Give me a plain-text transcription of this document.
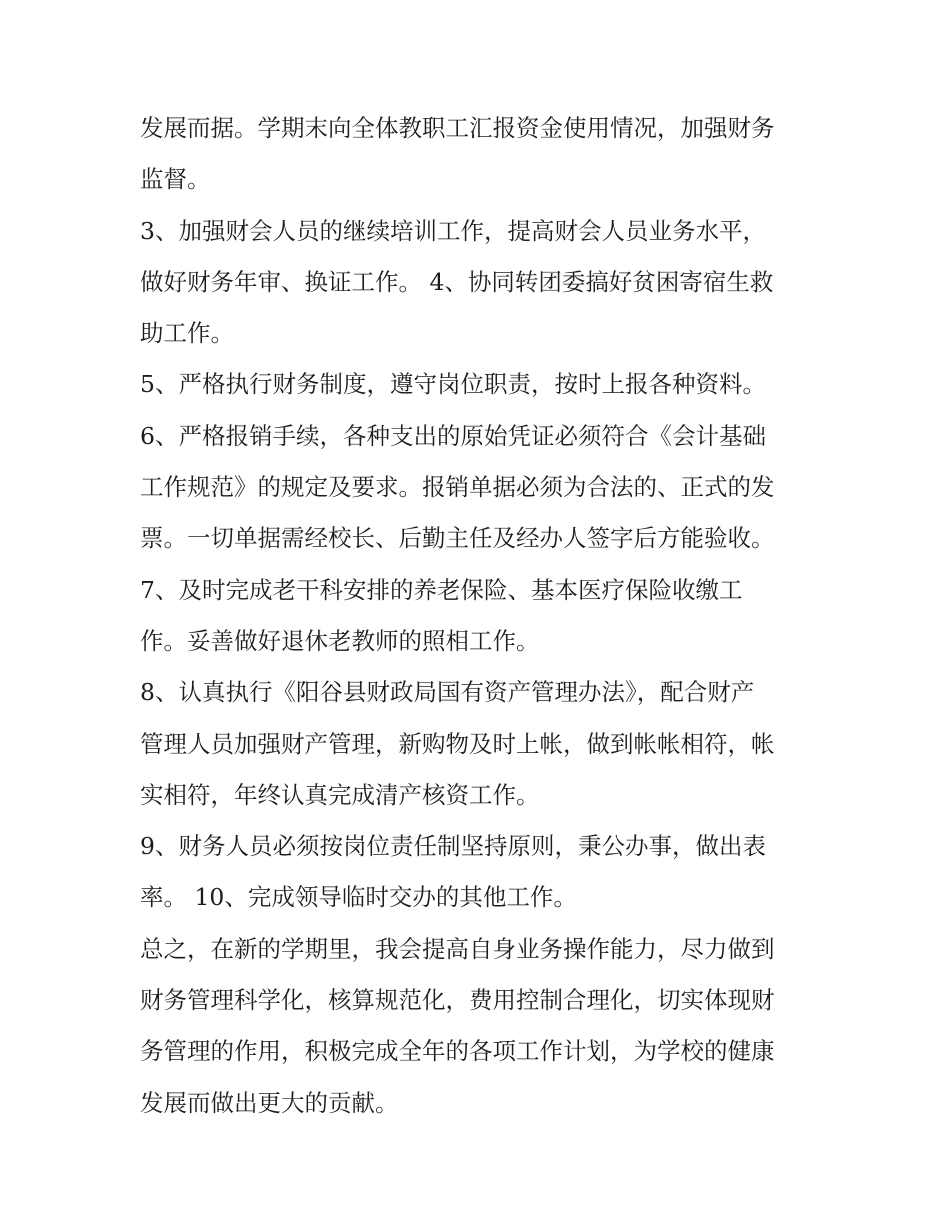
发展而据。学期末向全体教职工汇报资金使用情况，加强财务
监督。
3、加强财会人员的继续培训工作，提高财会人员业务水平，
做好财务年审、换证工作。 4、协同转团委搞好贫困寄宿生救
助工作。
5、严格执行财务制度，遵守岗位职责，按时上报各种资料。
6、严格报销手续，各种支出的原始凭证必须符合《会计基础
工作规范》的规定及要求。报销单据必须为合法的、正式的发
票。一切单据需经校长、后勤主任及经办人签字后方能验收。
7、及时完成老干科安排的养老保险、基本医疗保险收缴工
作。妥善做好退休老教师的照相工作。
8、认真执行《阳谷县财政局国有资产管理办法》，配合财产
管理人员加强财产管理，新购物及时上帐，做到帐帐相符，帐
实相符，年终认真完成清产核资工作。
9、财务人员必须按岗位责任制坚持原则，秉公办事，做出表
率。 10、完成领导临时交办的其他工作。
总之，在新的学期里，我会提高自身业务操作能力，尽力做到
财务管理科学化，核算规范化，费用控制合理化，切实体现财
务管理的作用，积极完成全年的各项工作计划，为学校的健康
发展而做出更大的贡献。
